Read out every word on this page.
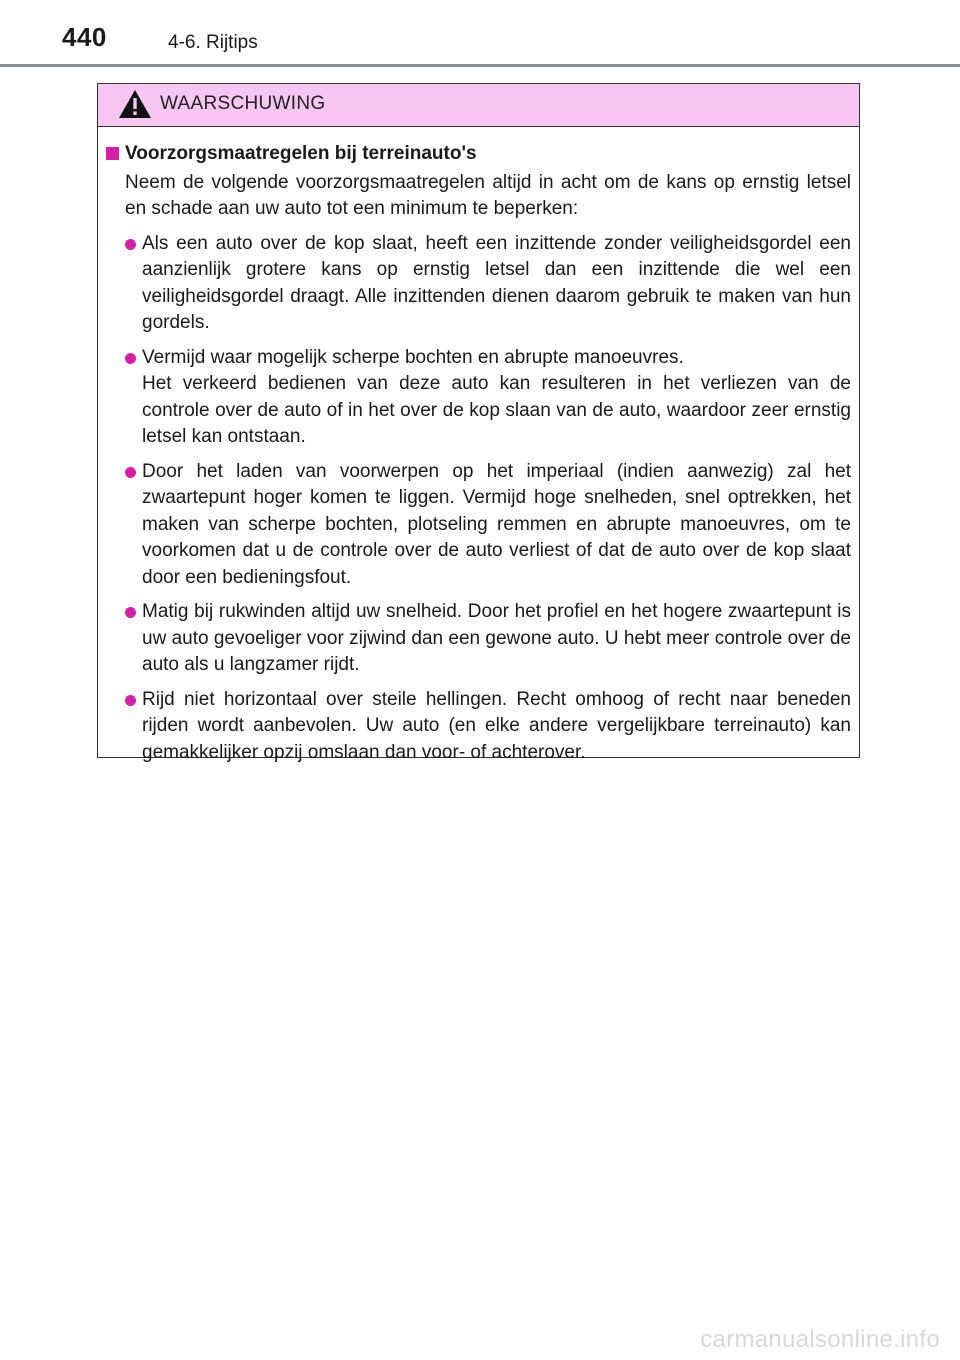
440	4-6. Rijtips
WAARSCHUWING
Voorzorgsmaatregelen bij terreinauto's
Neem de volgende voorzorgsmaatregelen altijd in acht om de kans op ernstig letsel en schade aan uw auto tot een minimum te beperken:

Als een auto over de kop slaat, heeft een inzittende zonder veiligheidsgordel een aanzienlijk grotere kans op ernstig letsel dan een inzittende die wel een veiligheidsgordel draagt. Alle inzittenden dienen daarom gebruik te maken van hun gordels.

Vermijd waar mogelijk scherpe bochten en abrupte manoeuvres.

Het verkeerd bedienen van deze auto kan resulteren in het verliezen van de controle over de auto of in het over de kop slaan van de auto, waardoor zeer ernstig letsel kan ontstaan.

Door het laden van voorwerpen op het imperiaal (indien aanwezig) zal het zwaartepunt hoger komen te liggen. Vermijd hoge snelheden, snel optrekken, het maken van scherpe bochten, plotseling remmen en abrupte manoeuvres, om te voorkomen dat u de controle over de auto verliest of dat de auto over de kop slaat door een bedieningsfout.

Matig bij rukwinden altijd uw snelheid. Door het profiel en het hogere zwaartepunt is uw auto gevoeliger voor zijwind dan een gewone auto. U hebt meer controle over de auto als u langzamer rijdt.

Rijd niet horizontaal over steile hellingen. Recht omhoog of recht naar beneden rijden wordt aanbevolen. Uw auto (en elke andere vergelijkbare terreinauto) kan gemakkelijker opzij omslaan dan voor- of achterover.

carmanualsonline.info
